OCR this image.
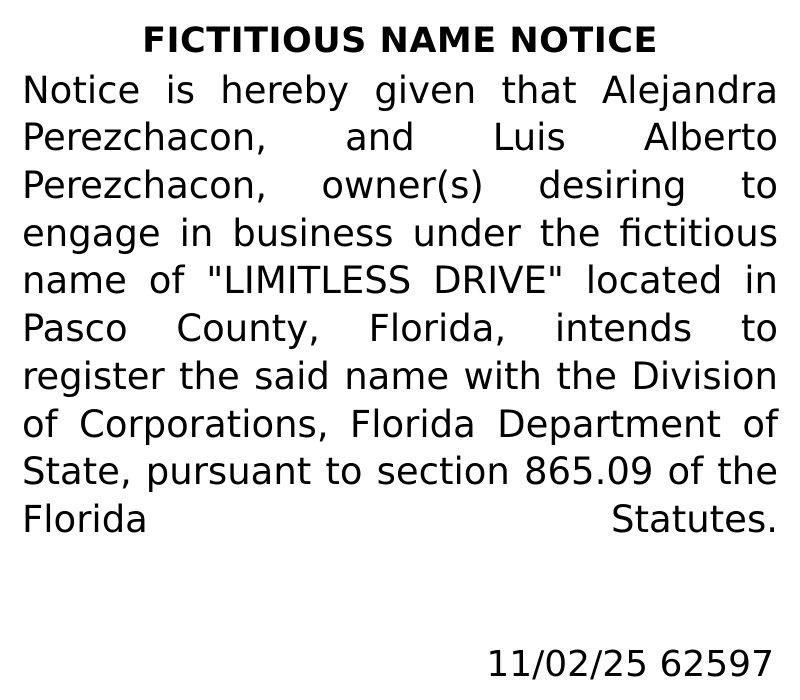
FICTITIOUS NAME NOTICE
Notice is hereby given that Alejandra Perezchacon, and Luis Alberto Perezchacon, owner(s) desiring to engage in business under the fictitious name of "LIMITLESS DRIVE" located in Pasco County, Florida, intends to register the said name with the Division of Corporations, Florida Department of State, pursuant to section 865.09 of the Florida Statutes.
11/02/25 62597
